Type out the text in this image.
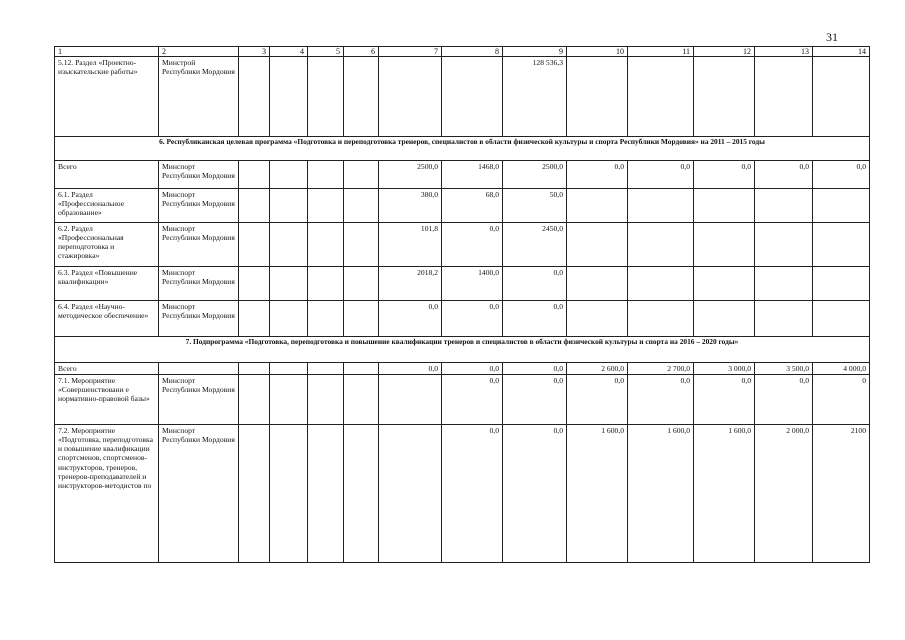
31
1	2	3	4	5	6	7	8	9	10	11	12	13	14
5.12. Раздел «Проектно-изыскательские работы»	Минстрой Республики Мордовия							128 536,3					
6. Республиканская целевая программа «Подготовка и переподготовка тренеров, специалистов в области физической культуры и спорта Республики Мордовия» на 2011 – 2015 годы													
Всего	Минспорт Республики Мордовия					2500,0	1468,0	2500,0	0,0	0,0	0,0	0,0	0,0
6.1. Раздел «Профессиональное образование»	Минспорт Республики Мордовия					380,0	68,0	50,0					
6.2. Раздел «Профессиональная переподготовка и стажировка»	Минспорт Республики Мордовия					101,8	0,0	2450,0					
6.3. Раздел «Повышение квалификации»	Минспорт Республики Мордовия					2018,2	1400,0	0,0					
6.4. Раздел «Научно-методическое обеспечение»	Минспорт Республики Мордовия					0,0	0,0	0,0					
7. Подпрограмма «Подготовка, переподготовка и повышение квалификации тренеров и специалистов в области физической культуры и спорта на 2016 – 2020 годы»													
Всего						0,0	0,0	0,0	2 600,0	2 700,0	3 000,0	3 500,0	4 000,0
7.1. Мероприятие «Совершенствовани е нормативно-правовой базы»	Минспорт Республики Мордовия						0,0	0,0	0,0	0,0	0,0	0,0	0
7.2. Мероприятие «Подготовка, переподготовка и повышение квалификации спортсменов, спортсменов-инструкторов, тренеров, тренеров-преподавателей и инструкторов-методистов по	Минспорт Республики Мордовия						0,0	0,0	1 600,0	1 600,0	1 600,0	2 000,0	2100
